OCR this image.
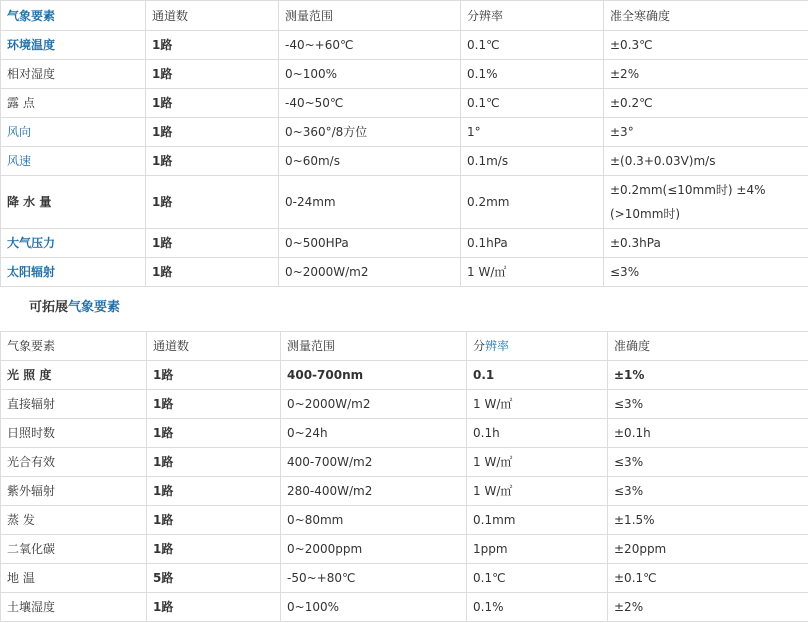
气象要素	通道数	测量范围	分辨率	准全寒确度
环境温度	1路	-40~+60℃	0.1℃	±0.3℃
相对湿度	1路	0~100%	0.1%	±2%
露 点	1路	-40~50℃	0.1℃	±0.2℃
风向	1路	0~360°/8方位	1°	±3°
风速	1路	0~60m/s	0.1m/s	±(0.3+0.03V)m/s
降 水 量	1路	0-24mm	0.2mm	±0.2mm(≤10mm时) ±4%(>10mm时)
大气压力	1路	0~500HPa	0.1hPa	±0.3hPa
太阳辐射	1路	0~2000W/m2	1 W/㎡	≤3%
可拓展气象要素
气象要素	通道数	测量范围	分辨率	准确度
光 照 度	1路	400-700nm	0.1	±1%
直接辐射	1路	0~2000W/m2	1 W/㎡	≤3%
日照时数	1路	0~24h	0.1h	±0.1h
光合有效	1路	400-700W/m2	1 W/㎡	≤3%
紫外辐射	1路	280-400W/m2	1 W/㎡	≤3%
蒸 发	1路	0~80mm	0.1mm	±1.5%
二氧化碳	1路	0~2000ppm	1ppm	±20ppm
地 温	5路	-50~+80℃	0.1℃	±0.1℃
土壤湿度	1路	0~100%	0.1%	±2%
